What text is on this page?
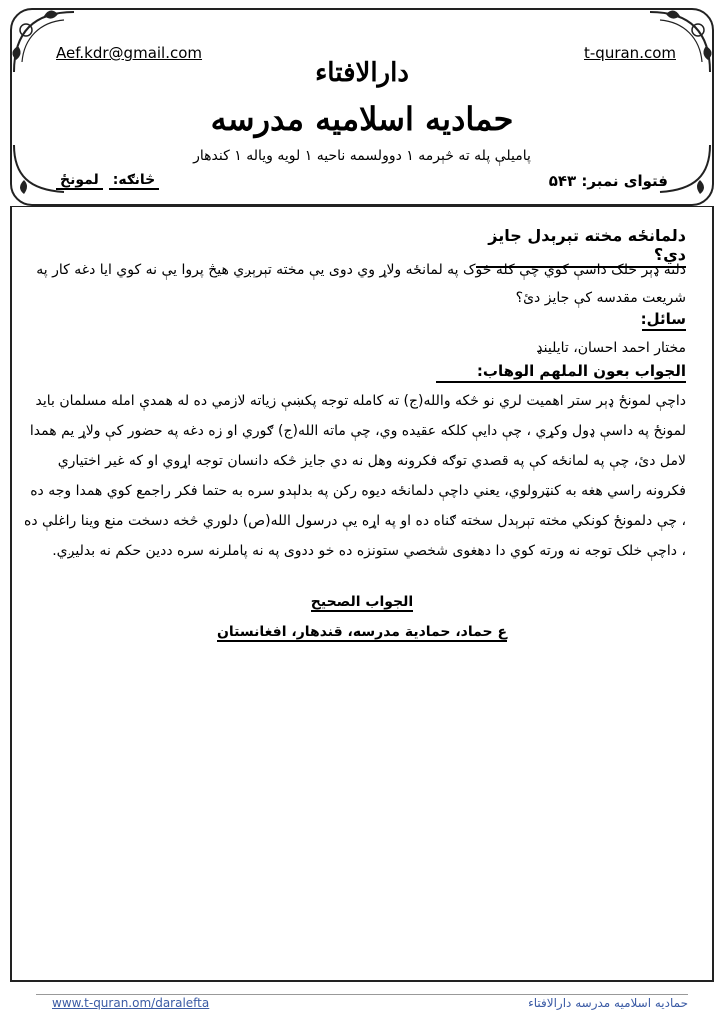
Aef.kdr@gmail.com	t-quran.com
دارالافتاء
حمادیه اسلامیه مدرسه
پامیلې پله ته څېرمه ۱ دوولسمه ناحیه ۱ لویه ویاله ۱ کندهار
فتوای نمبر: ۵۴۳
څانګه:
لمونځ
دلمانځه مخته تېرېدل جایز دي؟
دلته ډېر خلک داسې کوي چې کله څوک په لمانځه ولاړ وي دوی یې مخته تېرېږي هيڅ پروا یې نه کوي ایا دغه کار په شریعت مقدسه کې جایز دئ؟
سائل:
مختار احمد احسان، تایلینډ
الجواب بعون الملهم الوهاب:
داچې لمونځ ډېر ستر اهمیت لري نو څکه والله(ج) ته کامله توجه پکښې زیاته لازمي ده له همدې امله مسلمان باید لمونځ په داسې ډول وکړي ، چې دایې کلکه عقیده وي، چې ماته الله(ج) ګوري او زه دغه په حضور کې ولاړ یم همدا لامل دئ، چې په لمانځه کې په قصدي توګه فکرونه وهل نه دي جایز څکه دانسان توجه اړوي او که غیر اختیاري فکرونه راسي هغه به کنټرولوي، یعني داچې دلمانځه دیوه رکن په بدلېدو سره به حتما فکر راجمع کوي همدا وجه ده ، چې دلمونځ کونکي مخته تېرېدل سخته ګناه ده او په اړه یې درسول الله(ص) دلوري څخه دسخت منع وینا راغلې ده ، داچې خلک توجه نه ورته کوي دا دهغوی شخصي ستونزه ده خو ددوی په نه پاملرنه سره ددین حکم نه بدلیږي.
الجواب الصحیح
ع حماد، حمادیة مدرسه، قندهار، افغانستان
www.t-quran.om/daralefta	حمادیه اسلامیه مدرسه دارالافتاء
